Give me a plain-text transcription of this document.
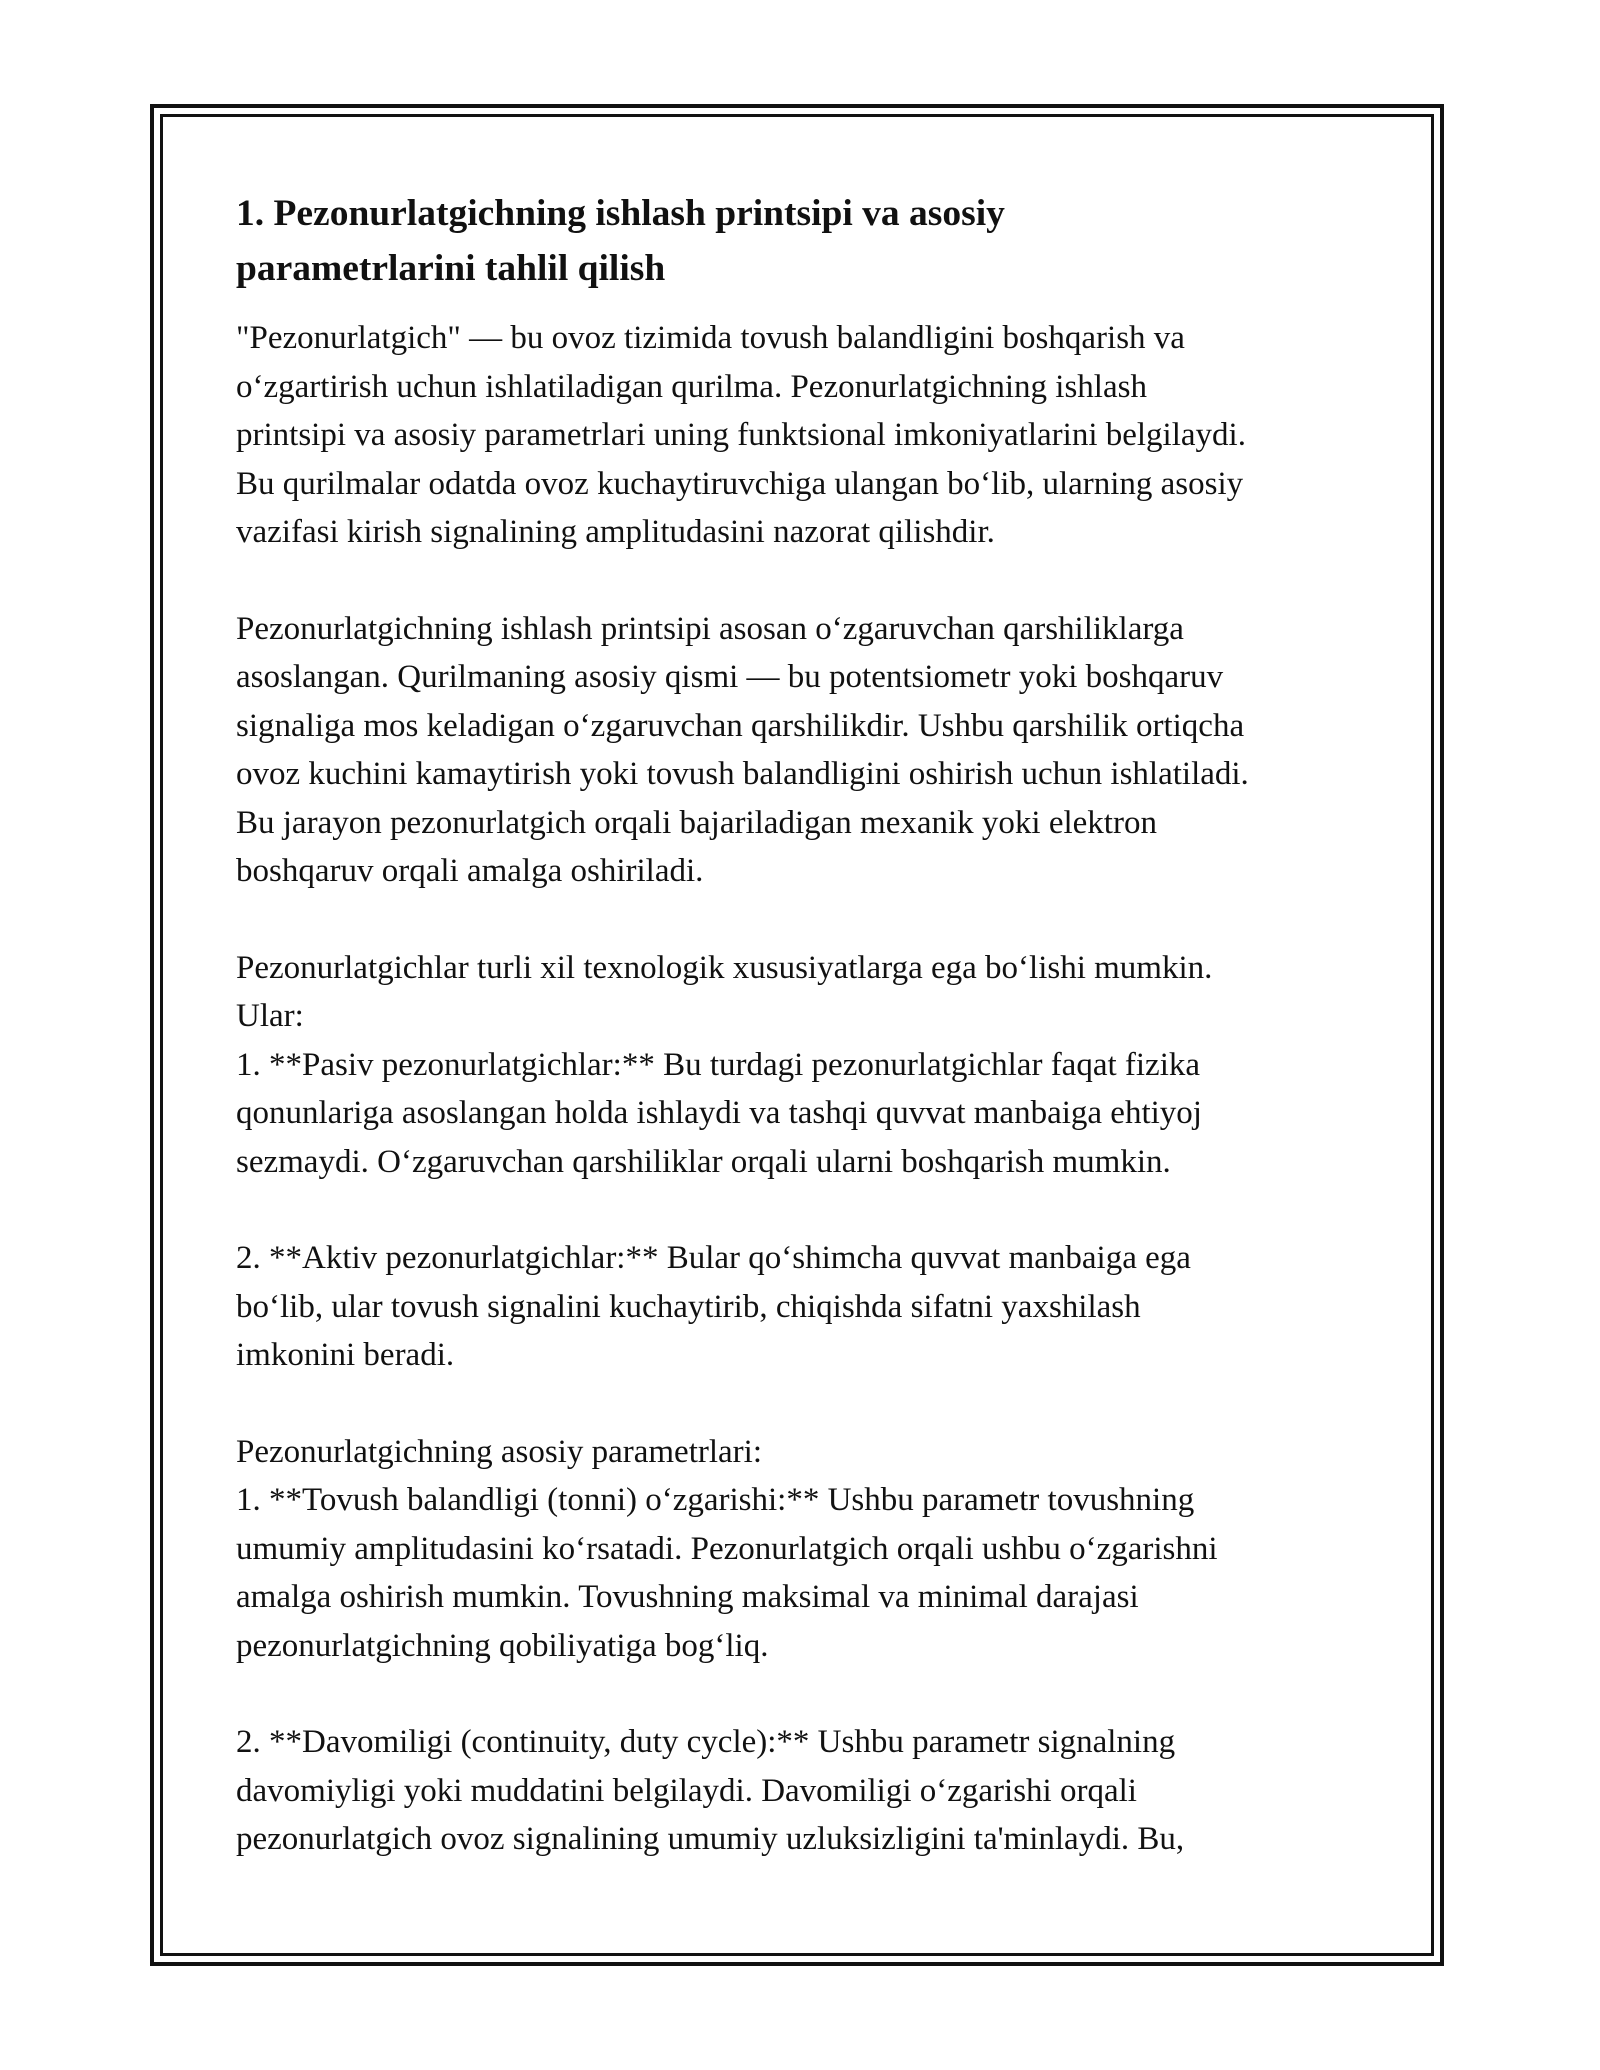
1. Pezonurlatgichning ishlash printsipi va asosiy
parametrlarini tahlil qilish

"Pezonurlatgich" — bu ovoz tizimida tovush balandligini boshqarish va
o‘zgartirish uchun ishlatiladigan qurilma. Pezonurlatgichning ishlash
printsipi va asosiy parametrlari uning funktsional imkoniyatlarini belgilaydi.
Bu qurilmalar odatda ovoz kuchaytiruvchiga ulangan bo‘lib, ularning asosiy
vazifasi kirish signalining amplitudasini nazorat qilishdir.

Pezonurlatgichning ishlash printsipi asosan o‘zgaruvchan qarshiliklarga
asoslangan. Qurilmaning asosiy qismi — bu potentsiometr yoki boshqaruv
signaliga mos keladigan o‘zgaruvchan qarshilikdir. Ushbu qarshilik ortiqcha
ovoz kuchini kamaytirish yoki tovush balandligini oshirish uchun ishlatiladi.
Bu jarayon pezonurlatgich orqali bajariladigan mexanik yoki elektron
boshqaruv orqali amalga oshiriladi.

Pezonurlatgichlar turli xil texnologik xususiyatlarga ega bo‘lishi mumkin.
Ular:
1. **Pasiv pezonurlatgichlar:** Bu turdagi pezonurlatgichlar faqat fizika
qonunlariga asoslangan holda ishlaydi va tashqi quvvat manbaiga ehtiyoj
sezmaydi. O‘zgaruvchan qarshiliklar orqali ularni boshqarish mumkin.

2. **Aktiv pezonurlatgichlar:** Bular qo‘shimcha quvvat manbaiga ega
bo‘lib, ular tovush signalini kuchaytirib, chiqishda sifatni yaxshilash
imkonini beradi.

Pezonurlatgichning asosiy parametrlari:
1. **Tovush balandligi (tonni) o‘zgarishi:** Ushbu parametr tovushning
umumiy amplitudasini ko‘rsatadi. Pezonurlatgich orqali ushbu o‘zgarishni
amalga oshirish mumkin. Tovushning maksimal va minimal darajasi
pezonurlatgichning qobiliyatiga bog‘liq.

2. **Davomiligi (continuity, duty cycle):** Ushbu parametr signalning
davomiyligi yoki muddatini belgilaydi. Davomiligi o‘zgarishi orqali
pezonurlatgich ovoz signalining umumiy uzluksizligini ta'minlaydi. Bu,
